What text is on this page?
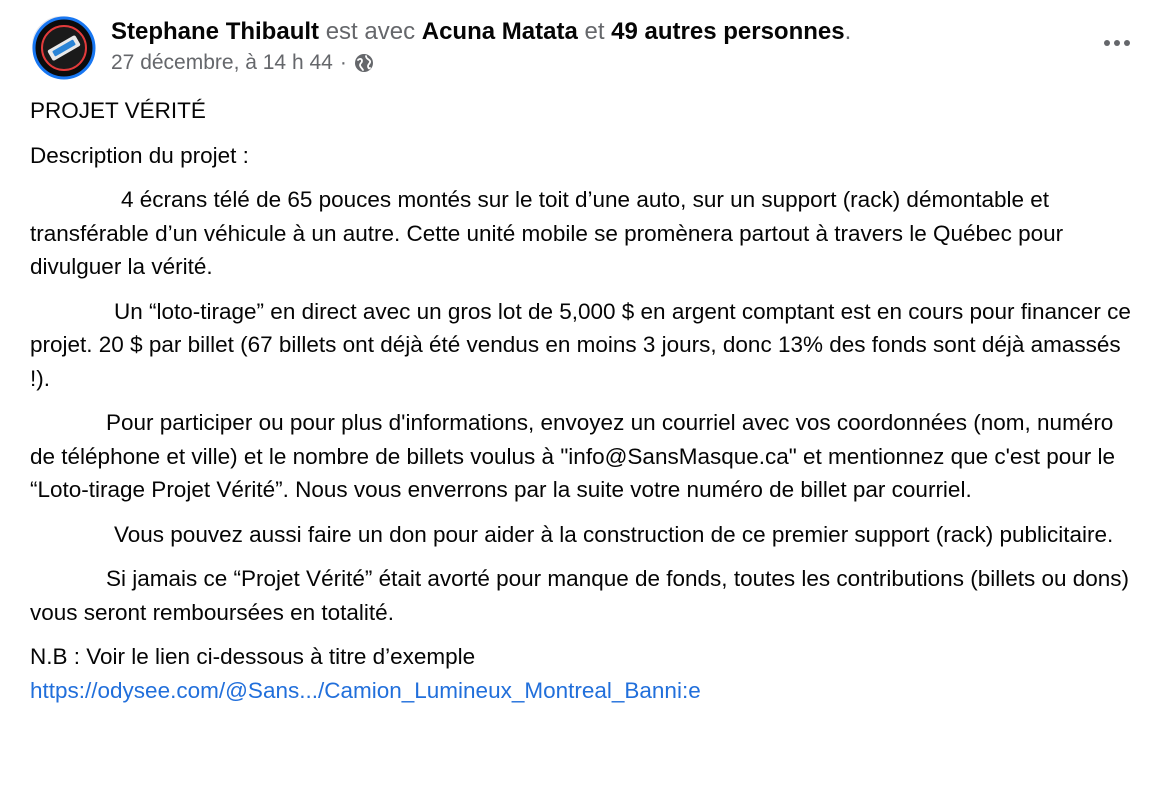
Stephane Thibault est avec Acuna Matata et 49 autres personnes.
27 décembre, à 14 h 44 ·

PROJET VÉRITÉ

Description du projet :

4 écrans télé de 65 pouces montés sur le toit d’une auto, sur un support (rack) démontable et transférable d’un véhicule à un autre. Cette unité mobile se promènera partout à travers le Québec pour divulguer la vérité.

Un “loto-tirage” en direct avec un gros lot de 5,000 $ en argent comptant est en cours pour financer ce projet. 20 $ par billet (67 billets ont déjà été vendus en moins 3 jours, donc 13% des fonds sont déjà amassés !).

Pour participer ou pour plus d'informations, envoyez un courriel avec vos coordonnées (nom, numéro de téléphone et ville) et le nombre de billets voulus à "info@SansMasque.ca" et mentionnez que c'est pour le “Loto-tirage Projet Vérité”. Nous vous enverrons par la suite votre numéro de billet par courriel.

Vous pouvez aussi faire un don pour aider à la construction de ce premier support (rack) publicitaire.

Si jamais ce “Projet Vérité” était avorté pour manque de fonds, toutes les contributions (billets ou dons) vous seront remboursées en totalité.

N.B : Voir le lien ci-dessous à titre d’exemple

https://odysee.com/@Sans.../Camion_Lumineux_Montreal_Banni:e
